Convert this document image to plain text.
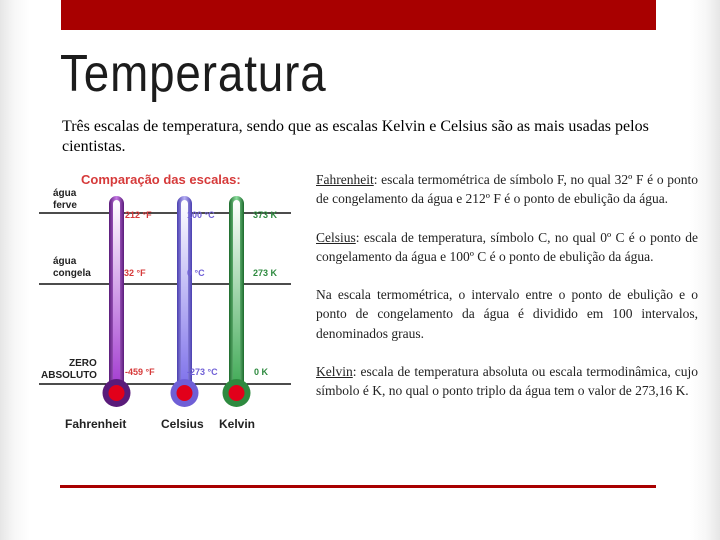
Temperatura
Três escalas de temperatura, sendo que as escalas Kelvin e Celsius são as mais usadas pelos cientistas.
Comparação das escalas:
água ferve
água congela
ZERO ABSOLUTO
212 °F
32 °F
-459 °F
100 °C
0 °C
-273 °C
373 K
273 K
0 K
Fahrenheit	Celsius Kelvin

Fahrenheit: escala termométrica de símbolo F, no qual 32º F é o ponto de congelamento da água e 212º F é o ponto de ebulição da água.

Celsius: escala de temperatura, símbolo C, no qual 0º C é o ponto de congelamento da água e 100º C é o ponto de ebulição da água.

Na escala termométrica, o intervalo entre o ponto de ebulição e o ponto de congelamento da água é dividido em 100 intervalos, denominados graus.

Kelvin: escala de temperatura absoluta ou escala termodinâmica, cujo símbolo é K, no qual o ponto triplo da água tem o valor de 273,16 K.
